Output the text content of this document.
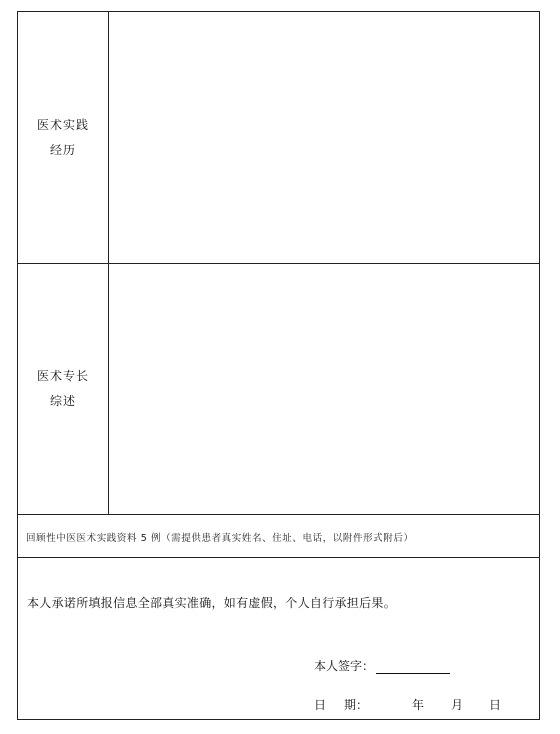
医术实践
经历
医术专长
综述
回顾性中医医术实践资料 5 例（需提供患者真实姓名、住址、电话，以附件形式附后）
本人承诺所填报信息全部真实准确，如有虚假，个人自行承担后果。
本人签字：
日 期：	年 月 日
